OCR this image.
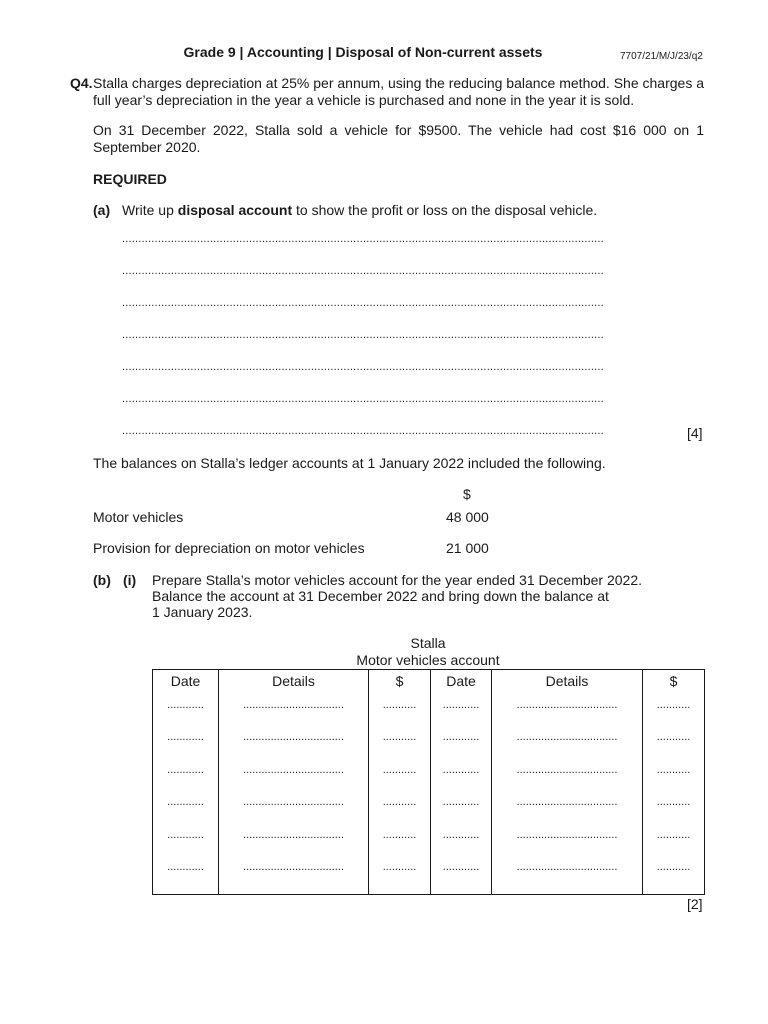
Grade 9 | Accounting | Disposal of Non-current assets	7707/21/M/J/23/q2
Q4. Stalla charges depreciation at 25% per annum, using the reducing balance method. She charges a full year’s depreciation in the year a vehicle is purchased and none in the year it is sold.
On 31 December 2022, Stalla sold a vehicle for $9500. The vehicle had cost $16 000 on 1 September 2020.
REQUIRED
(a) Write up disposal account to show the profit or loss on the disposal vehicle.
....................................................................................................................................................
....................................................................................................................................................
....................................................................................................................................................
....................................................................................................................................................
....................................................................................................................................................
....................................................................................................................................................
....................................................................................................................................................	[4]
The balances on Stalla’s ledger accounts at 1 January 2022 included the following.
$
Motor vehicles	48 000
Provision for depreciation on motor vehicles	21 000
(b) (i) Prepare Stalla’s motor vehicles account for the year ended 31 December 2022.
Balance the account at 31 December 2022 and bring down the balance at
1 January 2023.
Stalla
Motor vehicles account
Date	Details	$	Date	Details	$
............	.................................	...........	............	.................................	...........
............	.................................	...........	............	.................................	...........
............	.................................	...........	............	.................................	...........
............	.................................	...........	............	.................................	...........
............	.................................	...........	............	.................................	...........
............	.................................	...........	............	.................................	...........
[2]
